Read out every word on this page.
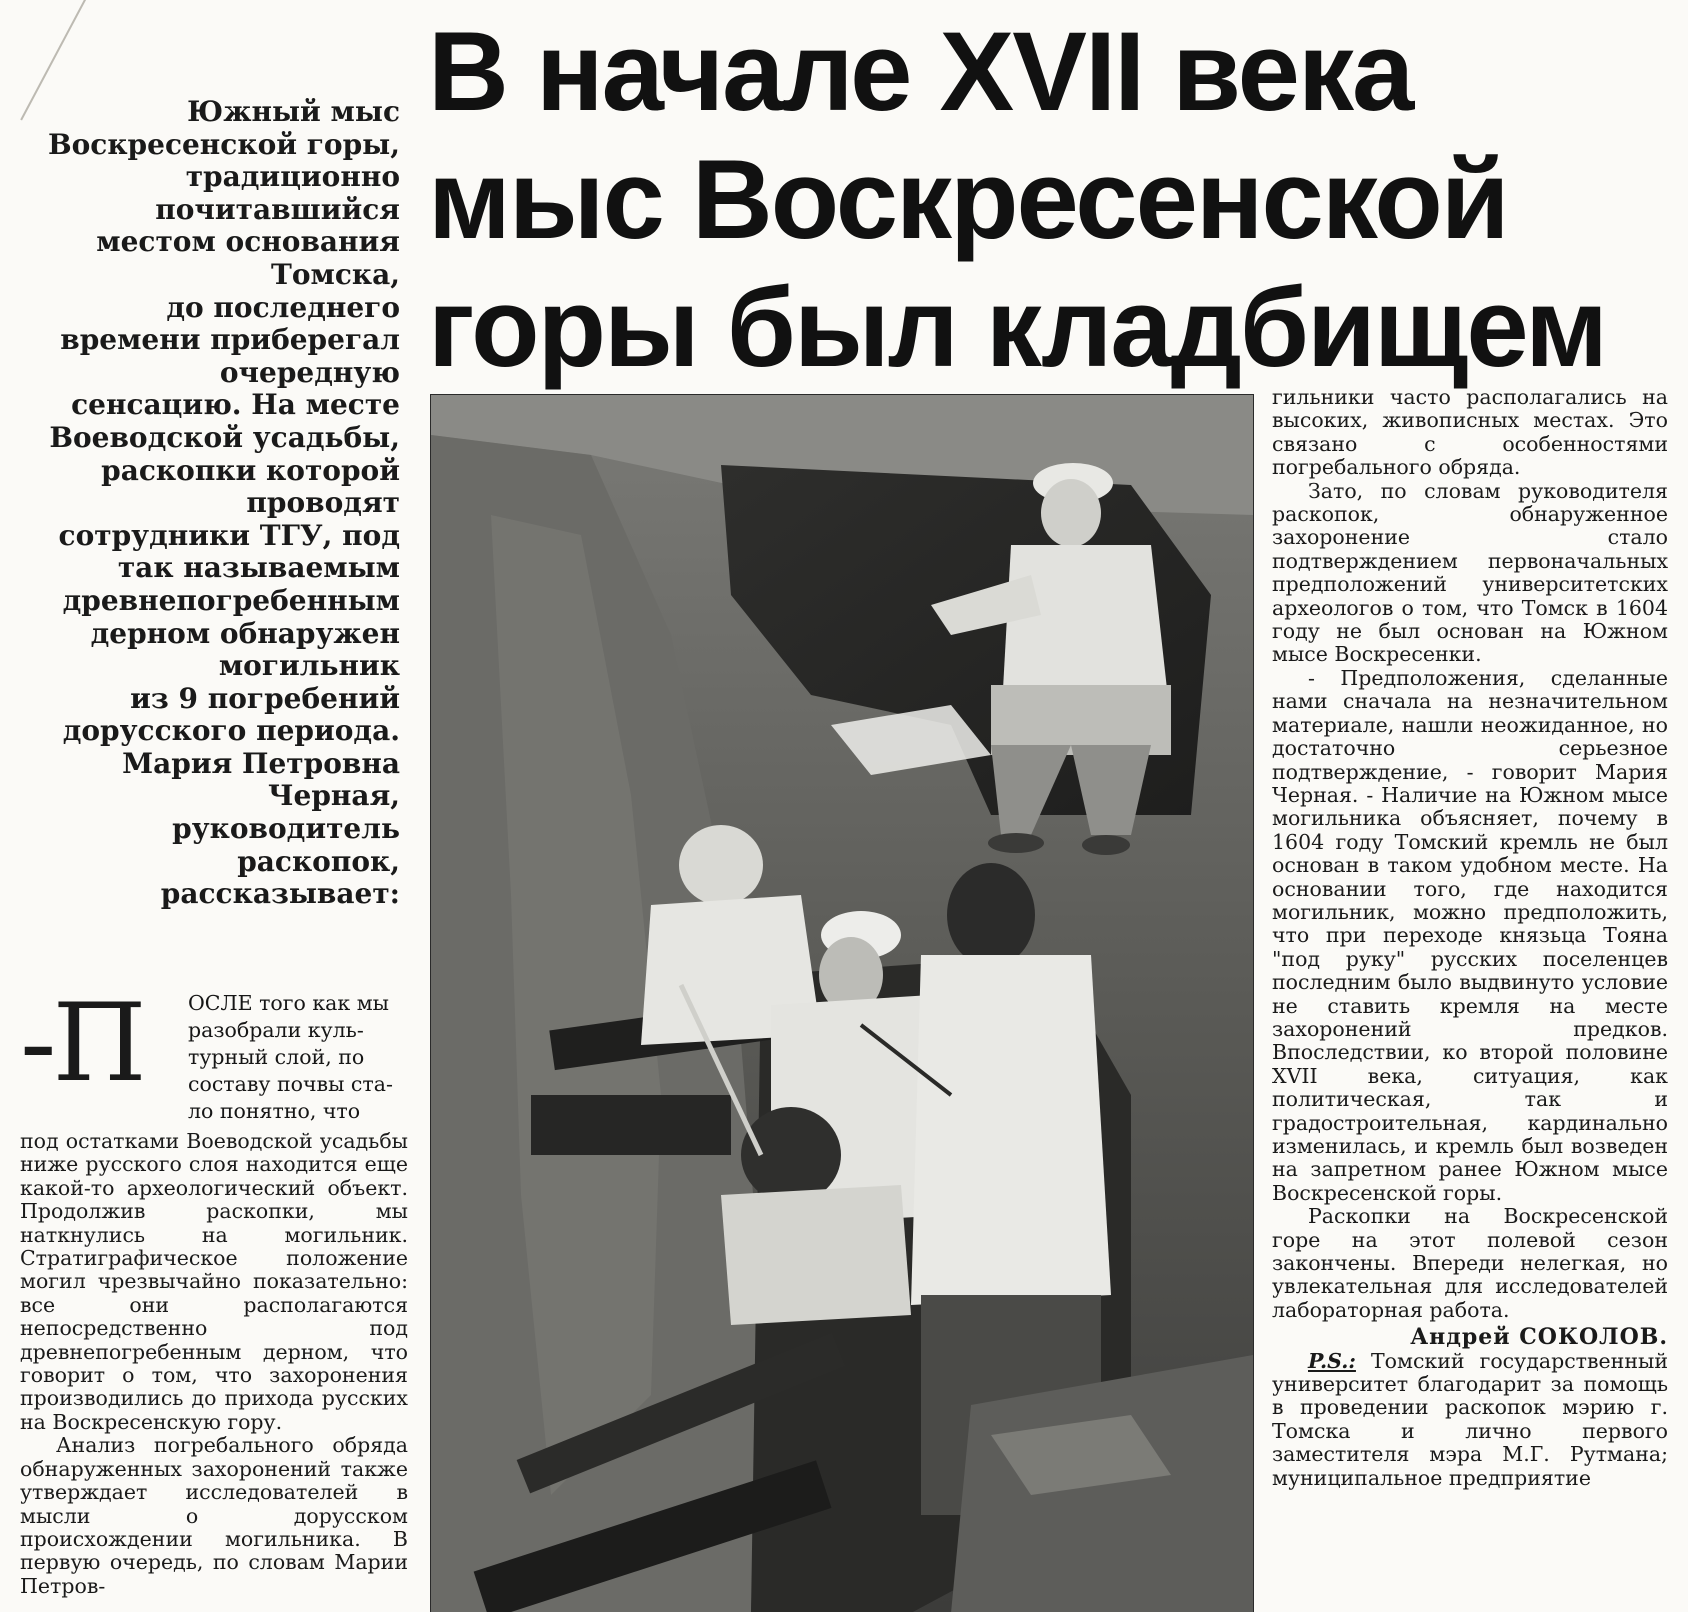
В начале XVII века
мыс Воскресенской
горы был кладбищем
Южный мыс
Воскресенской горы,
традиционно
почитавшийся
местом основания
Томска,
до последнего
времени приберегал
очередную
сенсацию. На месте
Воеводской усадьбы,
раскопки которой
проводят
сотрудники ТГУ, под
так называемым
древнепогребенным
дерном обнаружен
могильник
из 9 погребений
дорусского периода.
Мария Петровна
Черная,
руководитель
раскопок,
рассказывает:
-П ОСЛЕ того как мы
разобрали куль-
турный слой, по
составу почвы ста-
ло понятно, что

под остатками Воеводской усадьбы ниже русского слоя находится еще какой-то археологический объект. Продолжив раскопки, мы наткнулись на могильник. Стратиграфическое положение могил чрезвычайно показательно: все они располагаются непосредственно под древнепогребенным дерном, что говорит о том, что захоронения производились до прихода русских на Воскресенскую гору.

Анализ погребального обряда обнаруженных захоронений также утверждает исследователей в мысли о дорусском происхождении могильника. В первую очередь, по словам Марии Петров-

гильники часто располагались на высоких, живописных местах. Это связано с особенностями погребального обряда.

Зато, по словам руководителя раскопок, обнаруженное захоронение стало подтверждением первоначальных предположений университетских археологов о том, что Томск в 1604 году не был основан на Южном мысе Воскресенки.

- Предположения, сделанные нами сначала на незначительном материале, нашли неожиданное, но достаточно серьезное подтверждение, - говорит Мария Черная. - Наличие на Южном мысе могильника объясняет, почему в 1604 году Томский кремль не был основан в таком удобном месте. На основании того, где находится могильник, можно предположить, что при переходе князьца Тояна "под руку" русских поселенцев последним было выдвинуто условие не ставить кремля на месте захоронений предков. Впоследствии, ко второй половине XVII века, ситуация, как политическая, так и градостроительная, кардинально изменилась, и кремль был возведен на запретном ранее Южном мысе Воскресенской горы.

Раскопки на Воскресенской горе на этот полевой сезон закончены. Впереди нелегкая, но увлекательная для исследователей лабораторная работа.

Андрей СОКОЛОВ.

P.S.: Томский государственный университет благодарит за помощь в проведении раскопок мэрию г. Томска и лично первого заместителя мэра М.Г. Рутмана; муниципальное предприятие
